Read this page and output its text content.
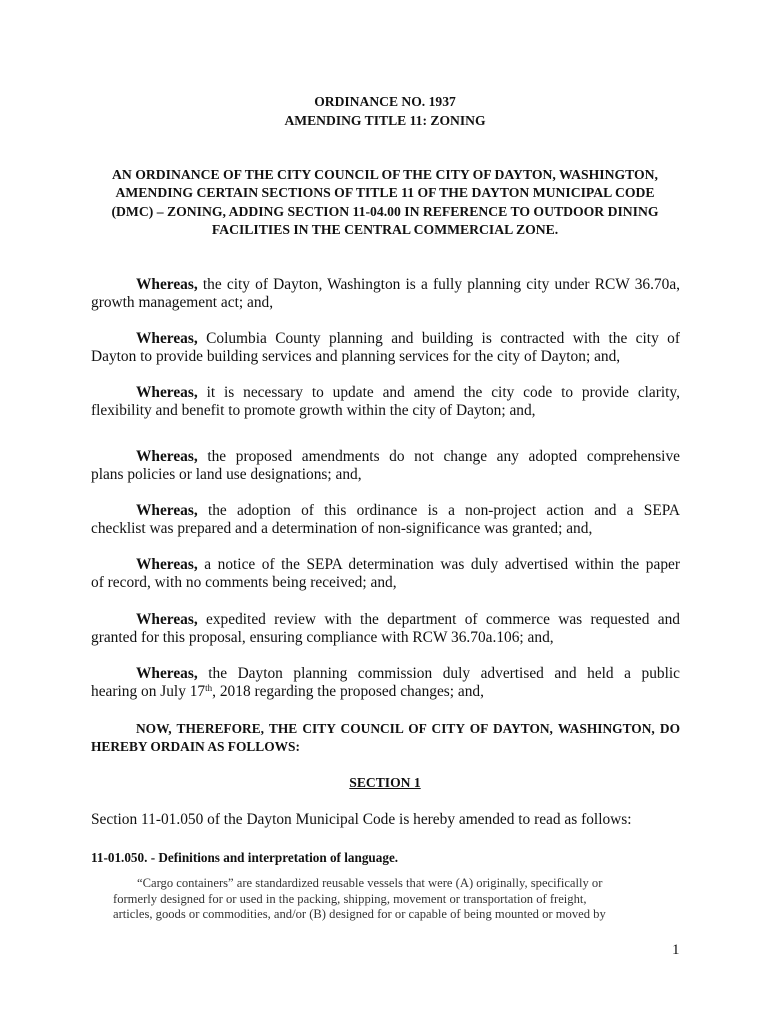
ORDINANCE NO. 1937
AMENDING TITLE 11: ZONING
AN ORDINANCE OF THE CITY COUNCIL OF THE CITY OF DAYTON, WASHINGTON,
AMENDING CERTAIN SECTIONS OF TITLE 11 OF THE DAYTON MUNICIPAL CODE
(DMC) – ZONING, ADDING SECTION 11-04.00 IN REFERENCE TO OUTDOOR DINING
FACILITIES IN THE CENTRAL COMMERCIAL ZONE.
Whereas, the city of Dayton, Washington is a fully planning city under RCW 36.70a,
growth management act; and,
Whereas, Columbia County planning and building is contracted with the city of
Dayton to provide building services and planning services for the city of Dayton; and,
Whereas, it is necessary to update and amend the city code to provide clarity,
flexibility and benefit to promote growth within the city of Dayton; and,
Whereas, the proposed amendments do not change any adopted comprehensive
plans policies or land use designations; and,
Whereas, the adoption of this ordinance is a non-project action and a SEPA
checklist was prepared and a determination of non-significance was granted; and,
Whereas, a notice of the SEPA determination was duly advertised within the paper
of record, with no comments being received; and,
Whereas, expedited review with the department of commerce was requested and
granted for this proposal, ensuring compliance with RCW 36.70a.106; and,
Whereas, the Dayton planning commission duly advertised and held a public
hearing on July 17th, 2018 regarding the proposed changes; and,
NOW, THEREFORE, THE CITY COUNCIL OF CITY OF DAYTON, WASHINGTON, DO
HEREBY ORDAIN AS FOLLOWS:
SECTION 1
Section 11-01.050 of the Dayton Municipal Code is hereby amended to read as follows:
11-01.050. - Definitions and interpretation of language.
“Cargo containers” are standardized reusable vessels that were (A) originally, specifically or
formerly designed for or used in the packing, shipping, movement or transportation of freight,
articles, goods or commodities, and/or (B) designed for or capable of being mounted or moved by
1
